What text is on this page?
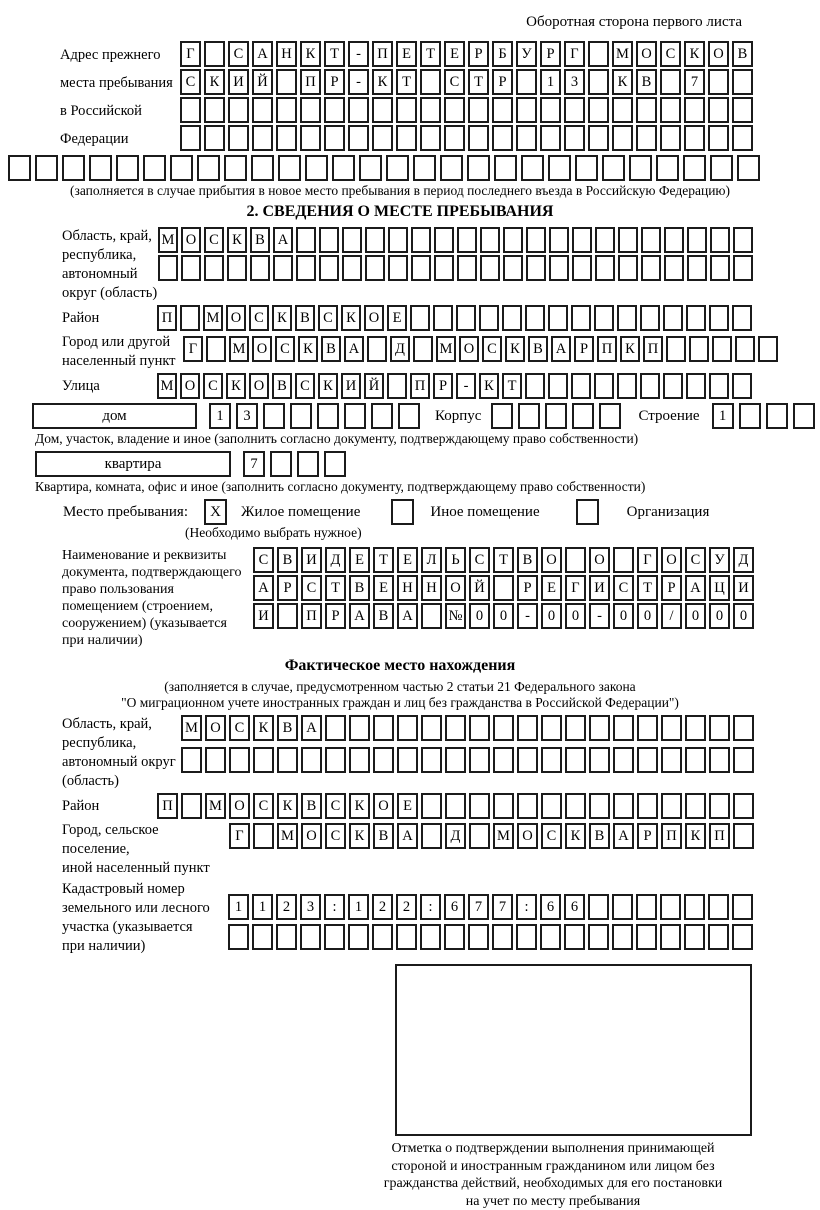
Оборотная сторона первого листа
Адрес прежнего
места пребывания
в Российской
Федерации
Г	С А Н К Т - П Е Т Е Р Б У Р Г	М О С К О В
С К И Й	П Р - К Т	С Т Р	1 3	К В	7
(заполняется в случае прибытия в новое место пребывания в период последнего въезда в Российскую Федерацию)
2. СВЕДЕНИЯ О МЕСТЕ ПРЕБЫВАНИЯ
Область, край,
республика,
автономный
округ (область)
М О С К В А
Район	П М О С К В С К О Е
Город или другой
населенный пункт
Г М О С К В А Д М О С К В А Р П К П
Улица	М О С К О В С К И Й П Р - К Т
дом	1 3	Корпус	Строение 1
Дом, участок, владение и иное (заполнить согласно документу, подтверждающему право собственности)
квартира	7
Квартира, комната, офис и иное (заполнить согласно документу, подтверждающему право собственности)
Место пребывания: X Жилое помещение	Иное помещение	Организация
(Необходимо выбрать нужное)
Наименование и реквизиты
документа, подтверждающего
право пользования
помещением (строением,
сооружением) (указывается
при наличии)
С В И Д Е Т Е Л Ь С Т В О	О	Г О С У Д
А Р С Т В Е Н Н О Й	Р Е Г И С Т Р А Ц И
И	П Р А В А № 0 0 - 0 0 - 0 0 / 0 0 0
Фактическое место нахождения
(заполняется в случае, предусмотренном частью 2 статьи 21 Федерального закона
"О миграционном учете иностранных граждан и лиц без гражданства в Российской Федерации")
Область, край,
республика,
автономный округ
(область)
М О С К В А
Район	П	М О С К В С К О Е
Город, сельское поселение,
иной населенный пункт
Г	М О С К В А	Д	М О С К В А Р П К П
Кадастровый номер
земельного или лесного
участка (указывается
при наличии)
1 1 2 3 : 1 2 2 : 6 7 7 : 6 6
Отметка о подтверждении выполнения принимающей
стороной и иностранным гражданином или лицом без
гражданства действий, необходимых для его постановки
на учет по месту пребывания
